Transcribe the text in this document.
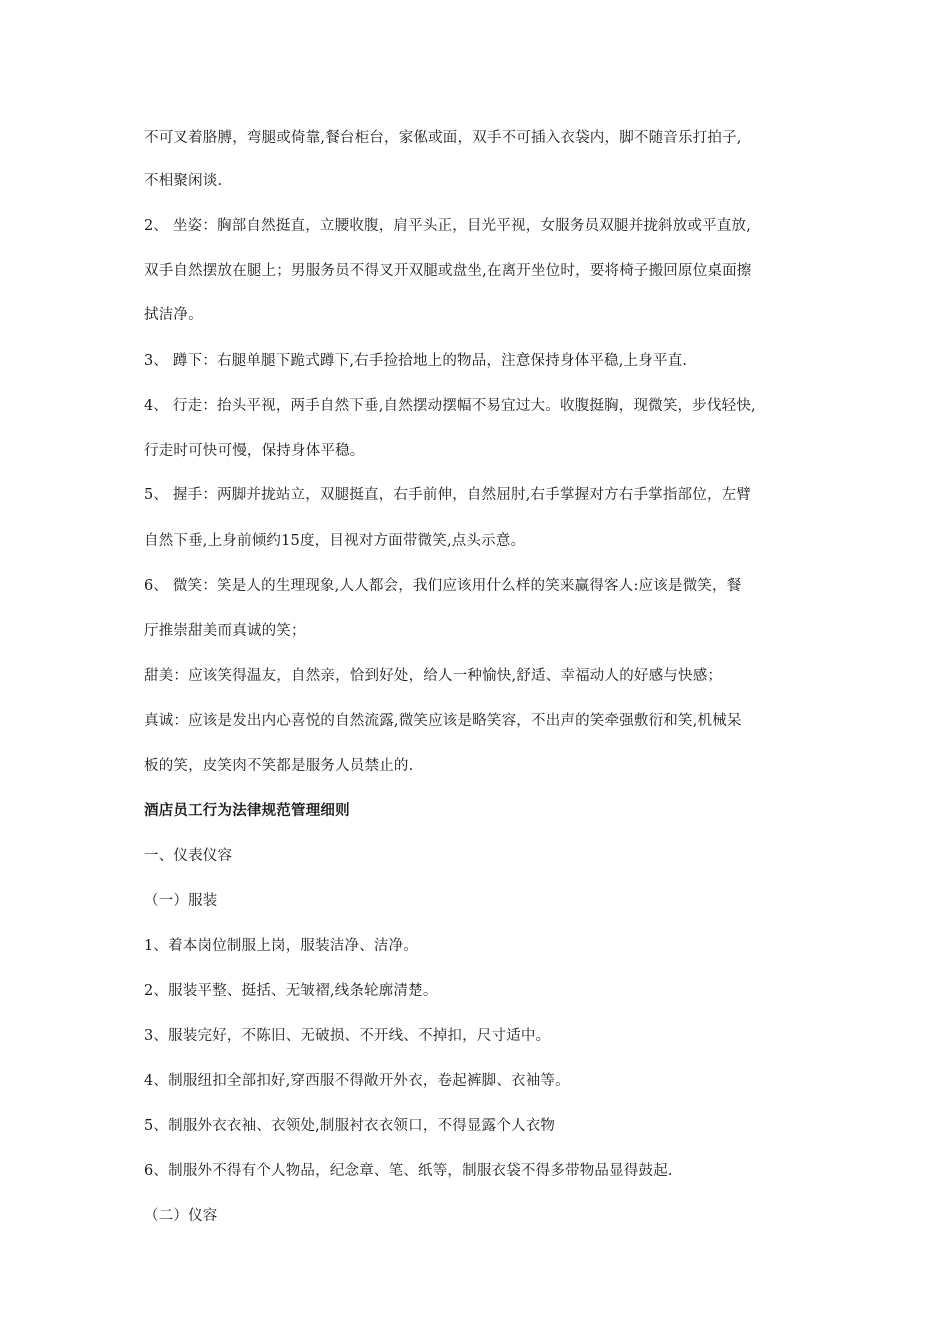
不可叉着胳膊，弯腿或倚靠,餐台柜台，家俬或面，双手不可插入衣袋内，脚不随音乐打拍子,
不相聚闲谈.
2、 坐姿：胸部自然挺直，立腰收腹，肩平头正，目光平视，女服务员双腿并拢斜放或平直放,
双手自然摆放在腿上；男服务员不得叉开双腿或盘坐,在离开坐位时，要将椅子搬回原位桌面擦
拭洁净。
3、 蹲下：右腿单腿下跪式蹲下,右手捡拾地上的物品，注意保持身体平稳,上身平直.
4、 行走：抬头平视，两手自然下垂,自然摆动摆幅不易宜过大。收腹挺胸，现微笑，步伐轻快,
行走时可快可慢，保持身体平稳。
5、 握手：两脚并拢站立，双腿挺直，右手前伸，自然屈肘,右手掌握对方右手掌指部位，左臂
自然下垂,上身前倾约15度，目视对方面带微笑,点头示意。
6、 微笑：笑是人的生理现象,人人都会，我们应该用什么样的笑来赢得客人:应该是微笑，餐
厅推崇甜美而真诚的笑；
甜美：应该笑得温友，自然亲，恰到好处，给人一种愉快,舒适、幸福动人的好感与快感；
真诚：应该是发出内心喜悦的自然流露,微笑应该是略笑容，不出声的笑牵强敷衍和笑,机械呆
板的笑，皮笑肉不笑都是服务人员禁止的.
酒店员工行为法律规范管理细则
一、仪表仪容
（一）服装
1、着本岗位制服上岗，服装洁净、洁净。
2、服装平整、挺括、无皱褶,线条轮廓清楚。
3、服装完好，不陈旧、无破损、不开线、不掉扣，尺寸适中。
4、制服纽扣全部扣好,穿西服不得敞开外衣，卷起裤脚、衣袖等。
5、制服外衣衣袖、衣领处,制服衬衣衣领口，不得显露个人衣物
6、制服外不得有个人物品，纪念章、笔、纸等，制服衣袋不得多带物品显得鼓起.
（二）仪容
